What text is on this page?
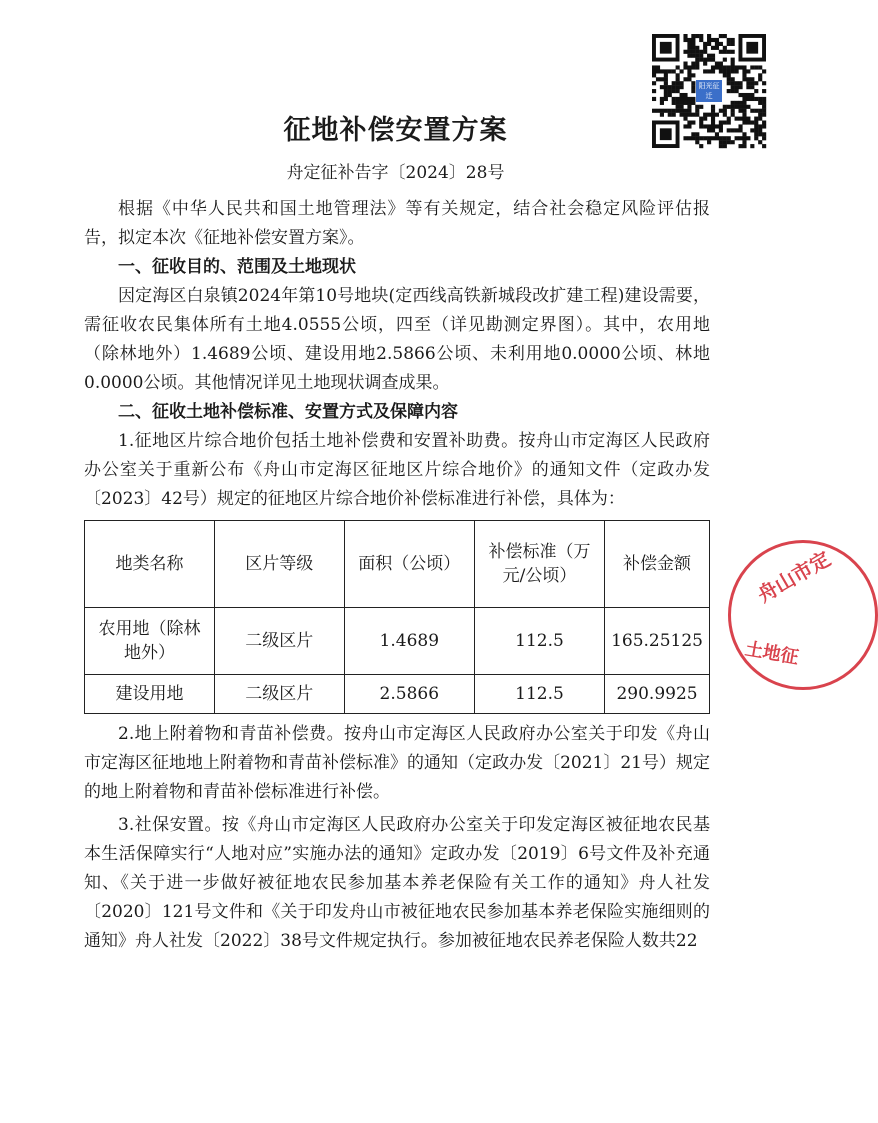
阳光征迁
征地补偿安置方案
舟定征补告字〔2024〕28号

根据《中华人民共和国土地管理法》等有关规定，结合社会稳定风险评估报告，拟定本次《征地补偿安置方案》。

一、征收目的、范围及土地现状

因定海区白泉镇2024年第10号地块(定西线高铁新城段改扩建工程)建设需要，需征收农民集体所有土地4.0555公顷，四至（详见勘测定界图）。其中，农用地（除林地外）1.4689公顷、建设用地2.5866公顷、未利用地0.0000公顷、林地0.0000公顷。其他情况详见土地现状调查成果。

二、征收土地补偿标准、安置方式及保障内容

1.征地区片综合地价包括土地补偿费和安置补助费。按舟山市定海区人民政府办公室关于重新公布《舟山市定海区征地区片综合地价》的通知文件（定政办发〔2023〕42号）规定的征地区片综合地价补偿标准进行补偿，具体为：

地类名称	区片等级	面积（公顷）	补偿标准（万元/公顷）	补偿金额
农用地（除林地外）	二级区片	1.4689	112.5	165.25125
建设用地	二级区片	2.5866	112.5	290.9925

2.地上附着物和青苗补偿费。按舟山市定海区人民政府办公室关于印发《舟山市定海区征地地上附着物和青苗补偿标准》的通知（定政办发〔2021〕21号）规定的地上附着物和青苗补偿标准进行补偿。

3.社保安置。按《舟山市定海区人民政府办公室关于印发定海区被征地农民基本生活保障实行“人地对应”实施办法的通知》定政办发〔2019〕6号文件及补充通知、《关于进一步做好被征地农民参加基本养老保险有关工作的通知》舟人社发〔2020〕121号文件和《关于印发舟山市被征地农民参加基本养老保险实施细则的通知》舟人社发〔2022〕38号文件规定执行。参加被征地农民养老保险人数共22

舟山市定
土地征
